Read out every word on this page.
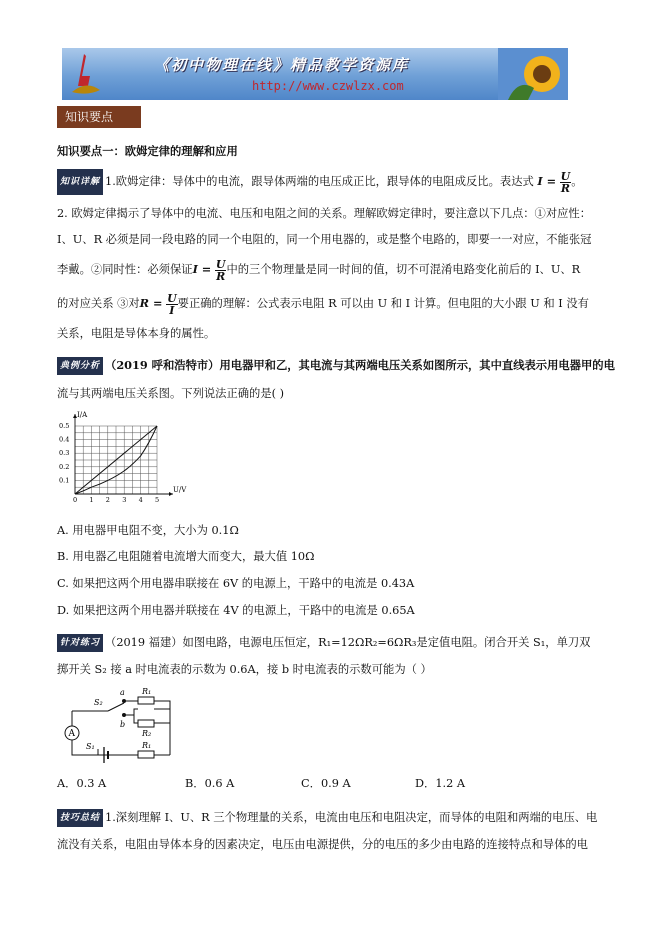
《初中物理在线》精品教学资源库
http://www.czwlzx.com
知识要点
知识要点一：欧姆定律的理解和应用
知识详解 1.欧姆定律：导体中的电流，跟导体两端的电压成正比，跟导体的电阻成反比。表达式 $I = \frac{U}{R}$ 。
2. 欧姆定律揭示了导体中的电流、电压和电阻之间的关系。理解欧姆定律时，要注意以下几点：①对应性：
I、U、R 必须是同一段电路的同一个电阻的，同一个用电器的，或是整个电路的，即要一一对应，不能张冠
李戴。②同时性：必须保证$I = \frac{U}{R}$ 中的三个物理量是同一时间的值，切不可混淆电路变化前后的 I、U、R
的对应关系 ③对$R = \frac{U}{I}$ 要正确的理解：公式表示电阻 R 可以由 U 和 I 计算。但电阻的大小跟 U 和 I 没有
关系，电阻是导体本身的属性。
典例分析 （2019 呼和浩特市）用电器甲和乙，其电流与其两端电压关系如图所示，其中直线表示用电器甲的电
流与其两端电压关系图。下列说法正确的是( )
0 1 2 3 4 5
0.1
0.2
0.3
0.4
0.5
U/V
I/A
A. 用电器甲电阻不变，大小为 0.1Ω
B. 用电器乙电阻随着电流增大而变大，最大值 10Ω
C. 如果把这两个用电器串联接在 6V 的电源上，干路中的电流是 0.43A
D. 如果把这两个用电器并联接在 4V 的电源上，干路中的电流是 0.65A
针对练习 （2019 福建）如图电路，电源电压恒定，R₁=12ΩR₂=6ΩR₃是定值电阻。闭合开关 S₁，单刀双
掷开关 S₂ 接 a 时电流表的示数为 0.6A，接 b 时电流表的示数可能为（ ）
A
S₂
a
b
R₁
R₂
S₁	R₁
A．0.3 A	B．0.6 A	C．0.9 A	D．1.2 A
技巧总结 1.深刻理解 I、U、R 三个物理量的关系，电流由电压和电阻决定，而导体的电阻和两端的电压、电
流没有关系，电阻由导体本身的因素决定，电压由电源提供，分的电压的多少由电路的连接特点和导体的电
